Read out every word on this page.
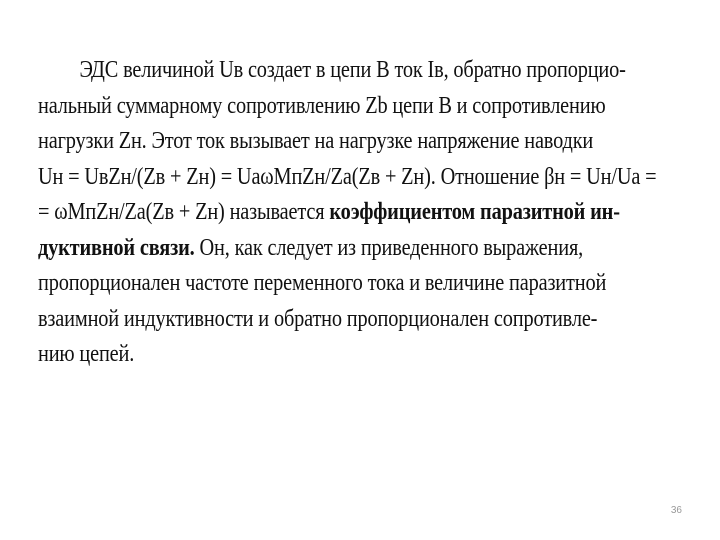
ЭДС величиной Uв создает в цепи В ток Iв, обратно пропорцио-
нальный суммарному сопротивлению Zb цепи В и сопротивлению
нагрузки Zн. Этот ток вызывает на нагрузке напряжение наводки
Uн = UвZн/(Zв + Zн) = UаωMпZн/Zа(Zв + Zн). Отношение βн = Uн/Uа =
= ωMпZн/Zа(Zв + Zн) называется коэффициентом паразитной ин-
дуктивной связи. Он, как следует из приведенного выражения,
пропорционален частоте переменного тока и величине паразитной
взаимной индуктивности и обратно пропорционален сопротивле-
нию цепей.
36
